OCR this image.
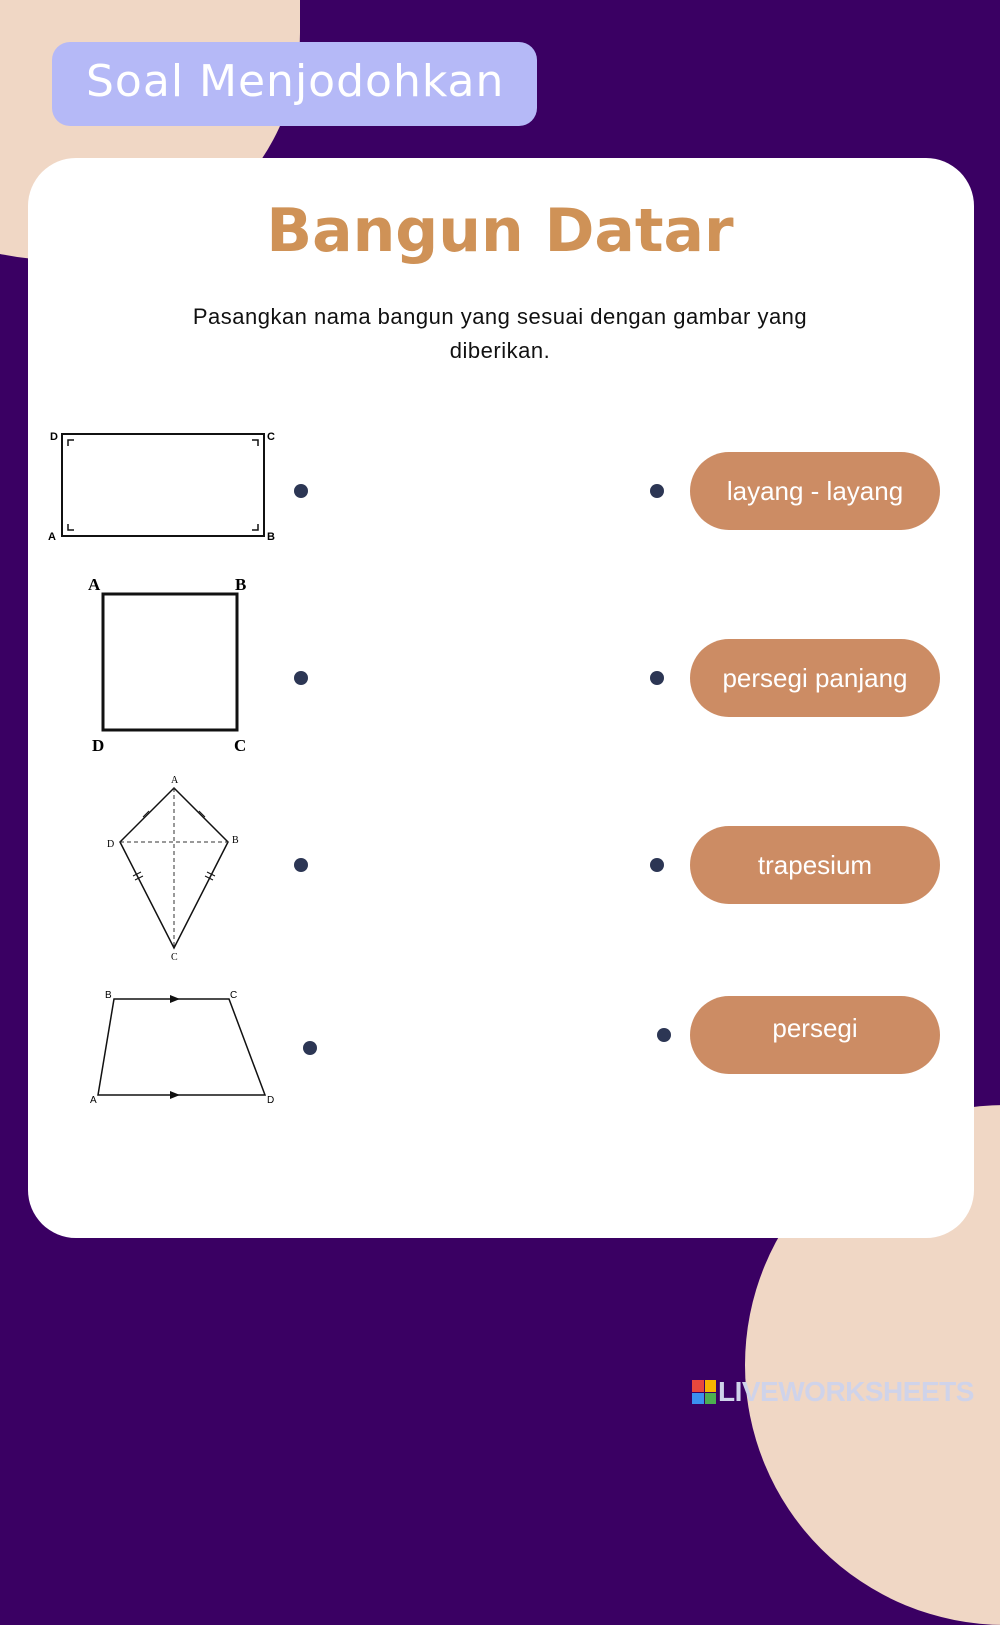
Soal Menjodohkan
Bangun Datar
Pasangkan nama bangun yang sesuai dengan gambar yang diberikan.
D	C
A	B
A	B
D	C
A
B
C
D
B	C
A	D
layang - layang
persegi panjang
trapesium
persegi
LIVEWORKSHEETS
